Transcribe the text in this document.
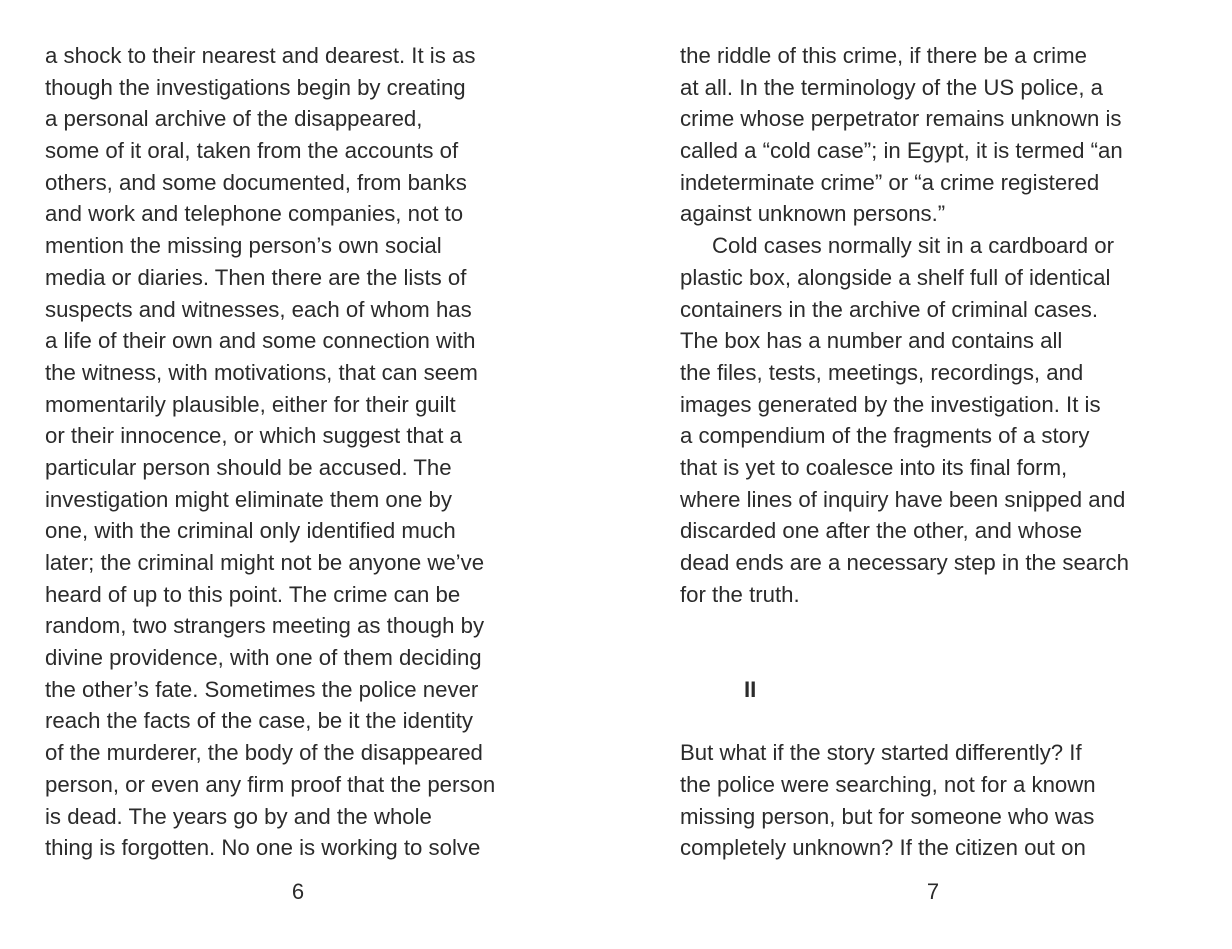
a shock to their nearest and dearest. It is as
though the investigations begin by creating
a personal archive of the disappeared,
some of it oral, taken from the accounts of
others, and some documented, from banks
and work and telephone companies, not to
mention the missing person’s own social
media or diaries. Then there are the lists of
suspects and witnesses, each of whom has
a life of their own and some connection with
the witness, with motivations, that can seem
momentarily plausible, either for their guilt
or their innocence, or which suggest that a
particular person should be accused. The
investigation might eliminate them one by
one, with the criminal only identified much
later; the criminal might not be anyone we’ve
heard of up to this point. The crime can be
random, two strangers meeting as though by
divine providence, with one of them deciding
the other’s fate. Sometimes the police never
reach the facts of the case, be it the identity
of the murderer, the body of the disappeared
person, or even any firm proof that the person
is dead. The years go by and the whole
thing is forgotten. No one is working to solve
6
the riddle of this crime, if there be a crime
at all. In the terminology of the US police, a
crime whose perpetrator remains unknown is
called a “cold case”; in Egypt, it is termed “an
indeterminate crime” or “a crime registered
against unknown persons.”
Cold cases normally sit in a cardboard or
plastic box, alongside a shelf full of identical
containers in the archive of criminal cases.
The box has a number and contains all
the files, tests, meetings, recordings, and
images generated by the investigation. It is
a compendium of the fragments of a story
that is yet to coalesce into its final form,
where lines of inquiry have been snipped and
discarded one after the other, and whose
dead ends are a necessary step in the search
for the truth.
II
But what if the story started differently? If
the police were searching, not for a known
missing person, but for someone who was
completely unknown? If the citizen out on
7
